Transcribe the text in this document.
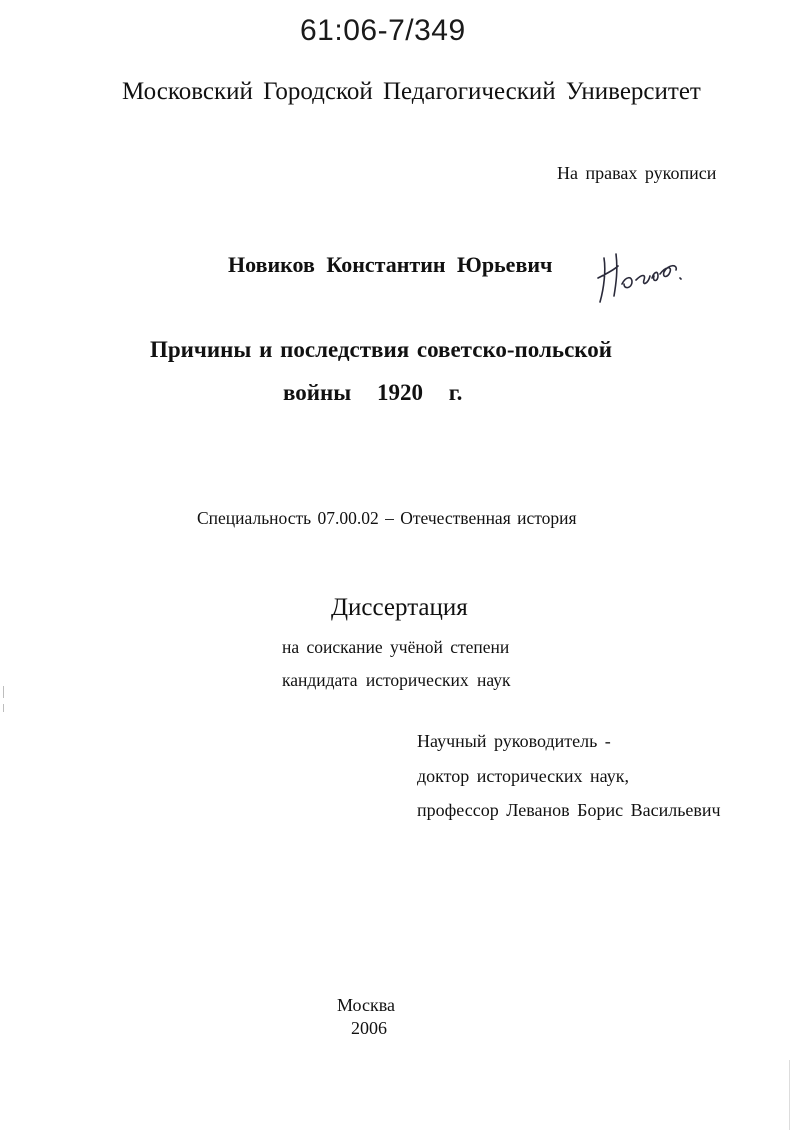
61:06-7/349
Московский Городской Педагогический Университет
На правах рукописи
Новиков Константин Юрьевич
Причины и последствия советско-польской
войны 1920 г.
Специальность 07.00.02 – Отечественная история
Диссертация
на соискание учёной степени
кандидата исторических наук
Научный руководитель -
доктор исторических наук,
профессор Леванов Борис Васильевич
Москва
2006
